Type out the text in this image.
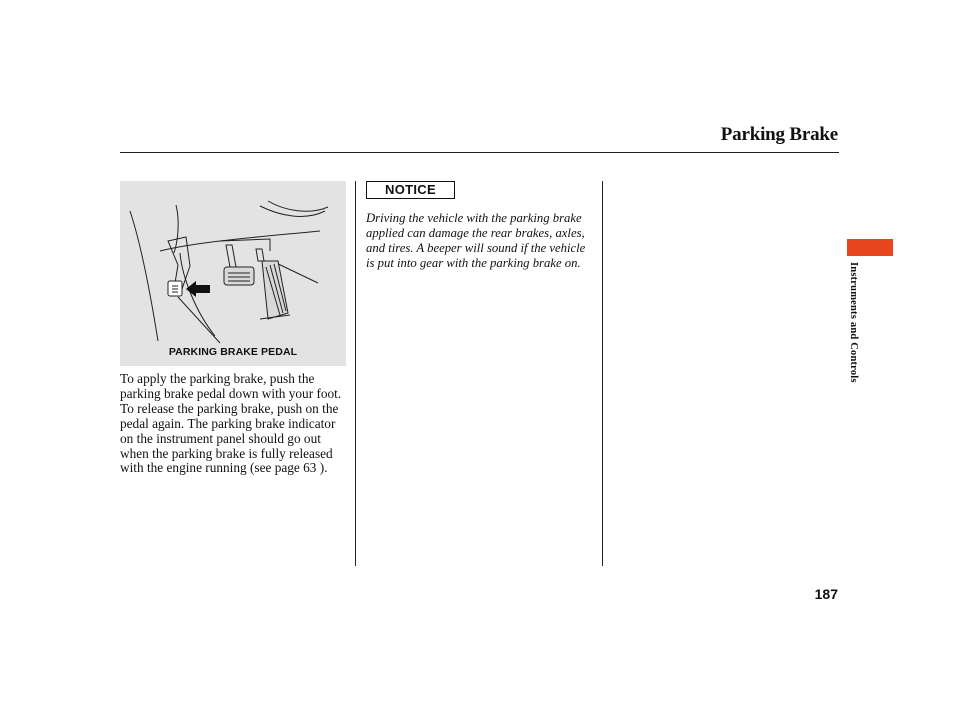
Parking Brake
PARKING BRAKE PEDAL

To apply the parking brake, push the parking brake pedal down with your foot. To release the parking brake, push on the pedal again. The parking brake indicator on the instrument panel should go out when the parking brake is fully released with the engine running (see page 63 ).

NOTICE

Driving the vehicle with the parking brake applied can damage the rear brakes, axles, and tires. A beeper will sound if the vehicle is put into gear with the parking brake on.	Instruments and Controls
187
